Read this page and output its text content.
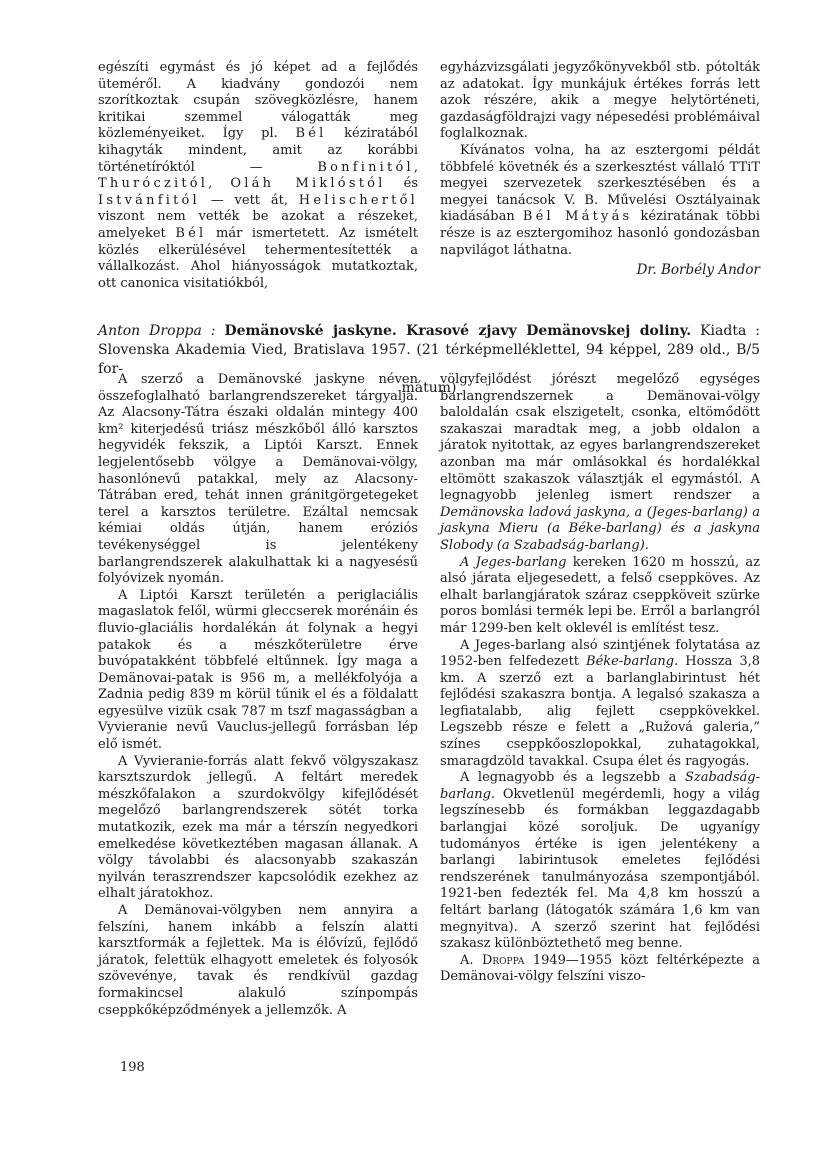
egészíti egymást és jó képet ad a fejlődés üteméről. A kiadvány gondozói nem szorítkoztak csupán szövegközlésre, hanem kritikai szemmel válogatták meg közleményeiket. Így pl. Bél kéziratából kihagyták mindent, amit az korábbi történetíróktól —	Bonfinitól, Thuróczitól, Oláh Miklóstól és Istvánfitól — vett át, Helischertől viszont nem vették be azokat a részeket, amelyeket Bél már ismertetett. Az ismételt közlés elkerülésével tehermentesítették a vállalkozást. Ahol hiányosságok mutatkoztak, ott canonica visitatiókból,

egyházvizsgálati jegyzőkönyvekből stb. pótolták az adatokat. Így munkájuk értékes forrás lett azok részére, akik a megye helytörténeti, gazdaságföldrajzi vagy népesedési problémáival foglalkoznak.

Kívánatos volna, ha az esztergomi példát többfelé követnék és a szerkesztést vállaló TTiT megyei szervezetek szerkesztésében és a megyei tanácsok V. B. Művelési Osztályainak kiadásában Bél Mátyás kéziratának többi része is az esztergomihoz hasonló gondozásban napvilágot láthatna.

Dr. Borbély Andor
Anton Droppa : Demänovské jaskyne. Krasové zjavy Demänovskej doliny. Kiadta : Slovenska Akademia Vied, Bratislava 1957. (21 térképmelléklettel, 94 képpel, 289 old., B/5 for-
mátum)

A szerző a Demänovské jaskyne néven összefoglalható barlangrendszereket tárgyalja. Az Alacsony-Tátra északi oldalán mintegy 400 km² kiterjedésű triász mészkőből álló karsztos hegyvidék fekszik, a Liptói Karszt. Ennek legjelentősebb völgye a Demänovai-völgy, hasonlónevű patakkal, mely az Alacsony-Tátrában ered, tehát innen gránitgörgetegeket terel a karsztos területre. Ezáltal nemcsak kémiai oldás útján, hanem eróziós tevékenységgel is jelentékeny barlangrendszerek alakulhattak ki a nagyesésű folyóvizek nyomán.

A Liptói Karszt területén a periglaciális magaslatok felől, würmi gleccserek morénáin és fluvio-glaciális hordalékán át folynak a hegyi patakok és a mészkőterületre érve buvópatakként többfelé eltűnnek. Így maga a Demänovai-patak is 956 m, a mellékfolyója a Zadnia pedig 839 m körül tűnik el és a földalatt egyesülve vizük csak 787 m tszf magasságban a Vyvieranie nevű Vauclus-jellegű forrásban lép elő ismét.

A Vyvieranie-forrás alatt fekvő völgyszakasz karsztszurdok jellegű. A feltárt meredek mészkőfalakon a szurdokvölgy kifejlődését megelőző barlangrendszerek sötét torka mutatkozik, ezek ma már a térszín negyedkori emelkedése következtében magasan állanak. A völgy távolabbi és alacsonyabb szakaszán nyilván teraszrendszer kapcsolódik ezekhez az elhalt járatokhoz.

A Demänovai-völgyben nem annyira a felszíni, hanem inkább a felszín alatti karsztformák a fejlettek. Ma is élővízű, fejlődő járatok, felettük elhagyott emeletek és folyosók szövevénye, tavak és rendkívül gazdag formakincsel alakuló színpompás cseppkőképződmények a jellemzők. A

völgyfejlődést jórészt megelőző egységes barlangrendszernek a Demänovai-völgy baloldalán csak elszigetelt, csonka, eltömődött szakaszai maradtak meg, a jobb oldalon a járatok nyitottak, az egyes barlangrendszereket azonban ma már omlásokkal és hordalékkal eltömött szakaszok választják el egymástól. A legnagyobb jelenleg ismert rendszer a Demänovska ladová jaskyna, a (Jeges-barlang) a jaskyna Mieru (a Béke-barlang) és a jaskyna Slobody (a Szabadság-barlang).

A Jeges-barlang kereken 1620 m hosszú, az alsó járata eljegesedett, a felső cseppköves. Az elhalt barlangjáratok száraz cseppköveit szürke poros bomlási termék lepi be. Erről a barlangról már 1299-ben kelt oklevél is említést tesz.

A Jeges-barlang alsó szintjének folytatása az 1952-ben felfedezett Béke-barlang. Hossza 3,8 km. A szerző ezt a barlanglabirintust hét fejlődési szakaszra bontja. A legalsó szakasza a legfiatalabb, alig fejlett cseppkövekkel. Legszebb része e felett a „Ružová galeria,” színes cseppkőoszlopokkal, zuhatagokkal, smaragdzöld tavakkal. Csupa élet és ragyogás.

A legnagyobb és a legszebb a Szabadság-barlang. Okvetlenül megérdemli, hogy a világ legszínesebb és formákban leggazdagabb barlangjai közé soroljuk. De ugyanígy tudományos értéke is igen jelentékeny a barlangi labirintusok emeletes fejlődési rendszerének tanulmányozása szempontjából. 1921-ben fedezték fel. Ma 4,8 km hosszú a feltárt barlang (látogatók számára 1,6 km van megnyitva). A szerző szerint hat fejlődési szakasz különböztethető meg benne.

A. Droppa 1949—1955 közt feltérképezte a Demänovai-völgy felszíni viszo-

198
